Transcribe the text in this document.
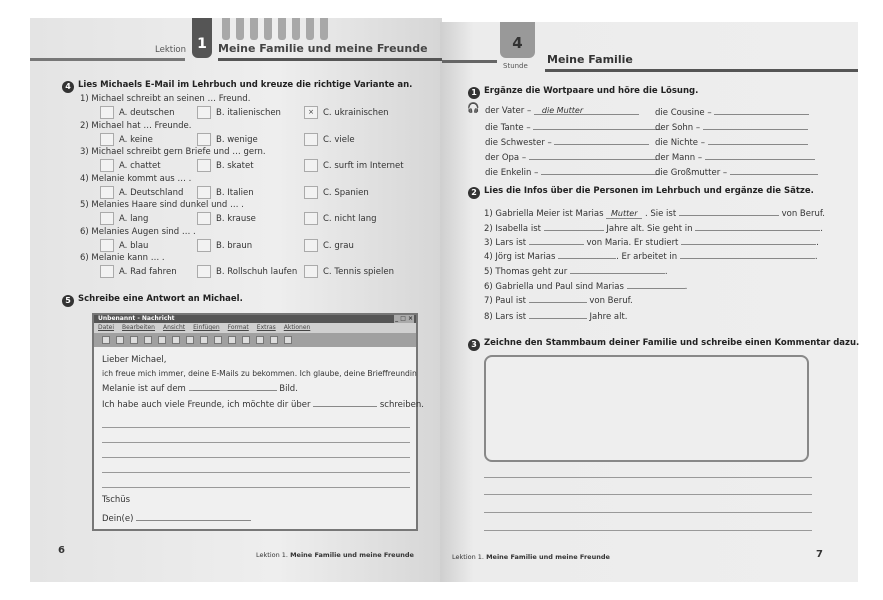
Lektion 1	Meine Familie und meine Freunde
4 Lies Michaels E-Mail im Lehrbuch und kreuze die richtige Variante an.
1) Michael schreibt an seinen … Freund.
A. deutschen	B. italienischen	×	C. ukrainischen
2) Michael hat … Freunde.
A. keine	B. wenige	C. viele
3) Michael schreibt gern Briefe und … gern.
A. chattet	B. skatet	C. surft im Internet
4) Melanie kommt aus … .
A. Deutschland	B. Italien	C. Spanien
5) Melanies Haare sind dunkel und … .
A. lang	B. krause	C. nicht lang
6) Melanies Augen sind … .
A. blau	B. braun	C. grau
6) Melanie kann … .
A. Rad fahren	B. Rollschuh laufen	C. Tennis spielen
5 Schreibe eine Antwort an Michael.
Unbenannt - Nachricht	_ □ ×
Datei Bearbeiten Ansicht Einfügen Format Extras Aktionen
Lieber Michael,
ich freue mich immer, deine E-Mails zu bekommen. Ich glaube, deine Brieffreundin
Melanie ist auf dem	Bild.
Ich habe auch viele Freunde, ich möchte dir über	schreiben.
Tschüs
Dein(e)
6	Lektion 1. Meine Familie und meine Freunde
4
Stunde Meine Familie
1 Ergänze die Wortpaare und höre die Lösung.
🎧 der Vater – die Mutter	die Cousine –
die Tante –	der Sohn –
die Schwester –	die Nichte –
der Opa –	der Mann –
die Enkelin –	die Großmutter –
2 Lies die Infos über die Personen im Lehrbuch und ergänze die Sätze.
1) Gabriella Meier ist Marias Mutter . Sie ist	von Beruf.
2) Isabella ist	Jahre alt. Sie geht in	.
3) Lars ist	von Maria. Er studiert	.
4) Jörg ist Marias	. Er arbeitet in	.
5) Thomas geht zur	.
6) Gabriella und Paul sind Marias	.
7) Paul ist	von Beruf.
8) Lars ist	Jahre alt.
3 Zeichne den Stammbaum deiner Familie und schreibe einen Kommentar dazu.
7
Lektion 1. Meine Familie und meine Freunde
